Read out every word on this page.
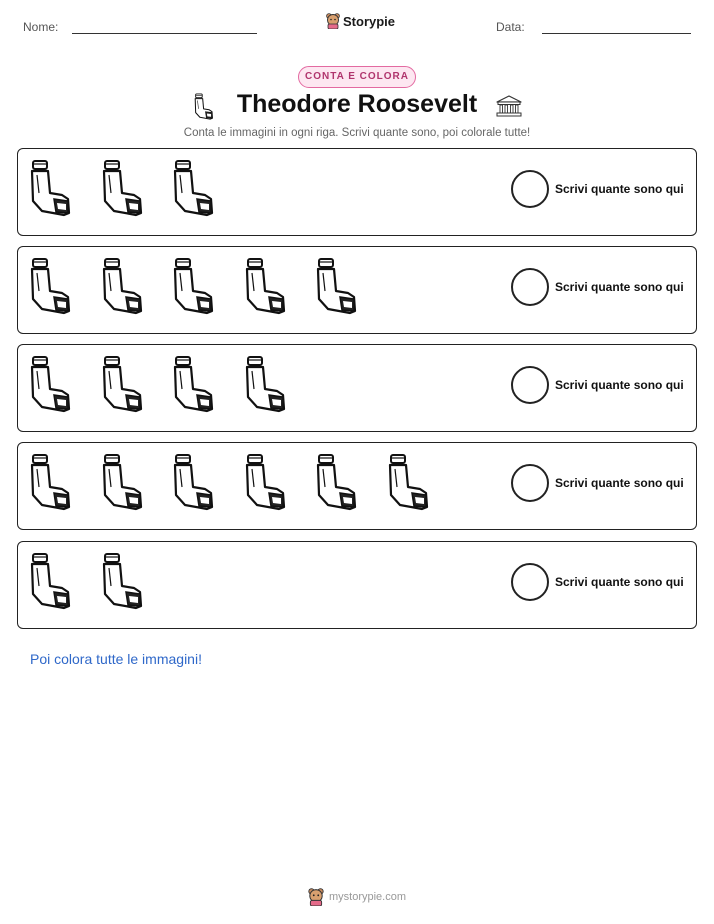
Nome:	Storypie	Data:
CONTA E COLORA
Theodore Roosevelt
Conta le immagini in ogni riga. Scrivi quante sono, poi colorale tutte!
Scrivi quante sono qui
Scrivi quante sono qui
Scrivi quante sono qui
Scrivi quante sono qui
Scrivi quante sono qui
Poi colora tutte le immagini!
mystorypie.com
